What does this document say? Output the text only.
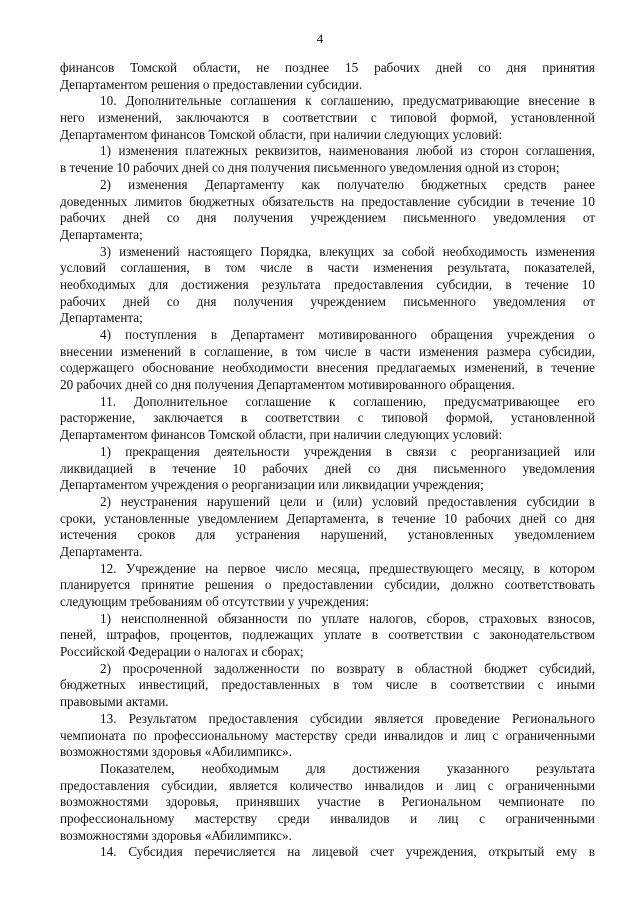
4
финансов Томской области, не позднее 15 рабочих дней со дня принятия
Департаментом решения о предоставлении субсидии.
10. Дополнительные соглашения к соглашению, предусматривающие внесение в
него изменений, заключаются в соответствии с типовой формой, установленной
Департаментом финансов Томской области, при наличии следующих условий:
1) изменения платежных реквизитов, наименования любой из сторон соглашения,
в течение 10 рабочих дней со дня получения письменного уведомления одной из сторон;
2) изменения Департаменту как получателю бюджетных средств ранее
доведенных лимитов бюджетных обязательств на предоставление субсидии в течение 10
рабочих дней со дня получения учреждением письменного уведомления от
Департамента;
3) изменений настоящего Порядка, влекущих за собой необходимость изменения
условий соглашения, в том числе в части изменения результата, показателей,
необходимых для достижения результата предоставления субсидии, в течение 10
рабочих дней со дня получения учреждением письменного уведомления от
Департамента;
4) поступления в Департамент мотивированного обращения учреждения о
внесении изменений в соглашение, в том числе в части изменения размера субсидии,
содержащего обоснование необходимости внесения предлагаемых изменений, в течение
20 рабочих дней со дня получения Департаментом мотивированного обращения.
11. Дополнительное соглашение к соглашению, предусматривающее его
расторжение, заключается в соответствии с типовой формой, установленной
Департаментом финансов Томской области, при наличии следующих условий:
1) прекращения деятельности учреждения в связи с реорганизацией или
ликвидацией в течение 10 рабочих дней со дня письменного уведомления
Департаментом учреждения о реорганизации или ликвидации учреждения;
2) неустранения нарушений цели и (или) условий предоставления субсидии в
сроки, установленные уведомлением Департамента, в течение 10 рабочих дней со дня
истечения сроков для устранения нарушений, установленных уведомлением
Департамента.
12. Учреждение на первое число месяца, предшествующего месяцу, в котором
планируется принятие решения о предоставлении субсидии, должно соответствовать
следующим требованиям об отсутствии у учреждения:
1) неисполненной обязанности по уплате налогов, сборов, страховых взносов,
пеней, штрафов, процентов, подлежащих уплате в соответствии с законодательством
Российской Федерации о налогах и сборах;
2) просроченной задолженности по возврату в областной бюджет субсидий,
бюджетных инвестиций, предоставленных в том числе в соответствии с иными
правовыми актами.
13. Результатом предоставления субсидии является проведение Регионального
чемпионата по профессиональному мастерству среди инвалидов и лиц с ограниченными
возможностями здоровья «Абилимпикс».
Показателем, необходимым для достижения указанного результата
предоставления субсидии, является количество инвалидов и лиц с ограниченными
возможностями здоровья, принявших участие в Региональном чемпионате по
профессиональному мастерству среди инвалидов и лиц с ограниченными
возможностями здоровья «Абилимпикс».
14. Субсидия перечисляется на лицевой счет учреждения, открытый ему в
